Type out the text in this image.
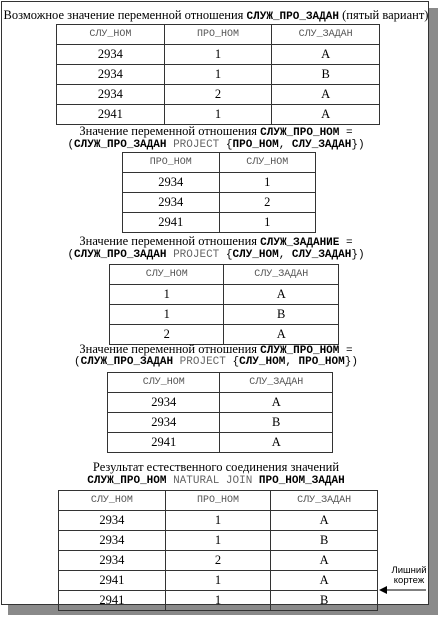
Возможное значение переменной отношения СЛУЖ_ПРО_ЗАДАН (пятый вариант)
СЛУ_НОМ	ПРО_НОМ	СЛУ_ЗАДАН
2934	1	А
2934	1	В
2934	2	А
2941	1	А
Значение переменной отношения СЛУЖ_ПРО_НОМ =
(СЛУЖ_ПРО_ЗАДАН PROJECT {ПРО_НОМ, СЛУ_ЗАДАН})
ПРО_НОМ	СЛУ_НОМ
2934	1
2934	2
2941	1
Значение переменной отношения СЛУЖ_ЗАДАНИЕ =
(СЛУЖ_ПРО_ЗАДАН PROJECT {СЛУ_НОМ, СЛУ_ЗАДАН})
СЛУ_НОМ	СЛУ_ЗАДАН
1	А
1	В
2	А
Значение переменной отношения СЛУЖ_ПРО_НОМ =
(СЛУЖ_ПРО_ЗАДАН PROJECT {СЛУ_НОМ, ПРО_НОМ})
СЛУ_НОМ	СЛУ_ЗАДАН
2934	А
2934	В
2941	А
Результат естественного соединения значений
СЛУЖ_ПРО_НОМ NATURAL JOIN ПРО_НОМ_ЗАДАН
СЛУ_НОМ	ПРО_НОМ	СЛУ_ЗАДАН
2934	1	А
2934	1	В
2934	2	А
2941	1	А
2941	1	В
Лишний
кортеж
